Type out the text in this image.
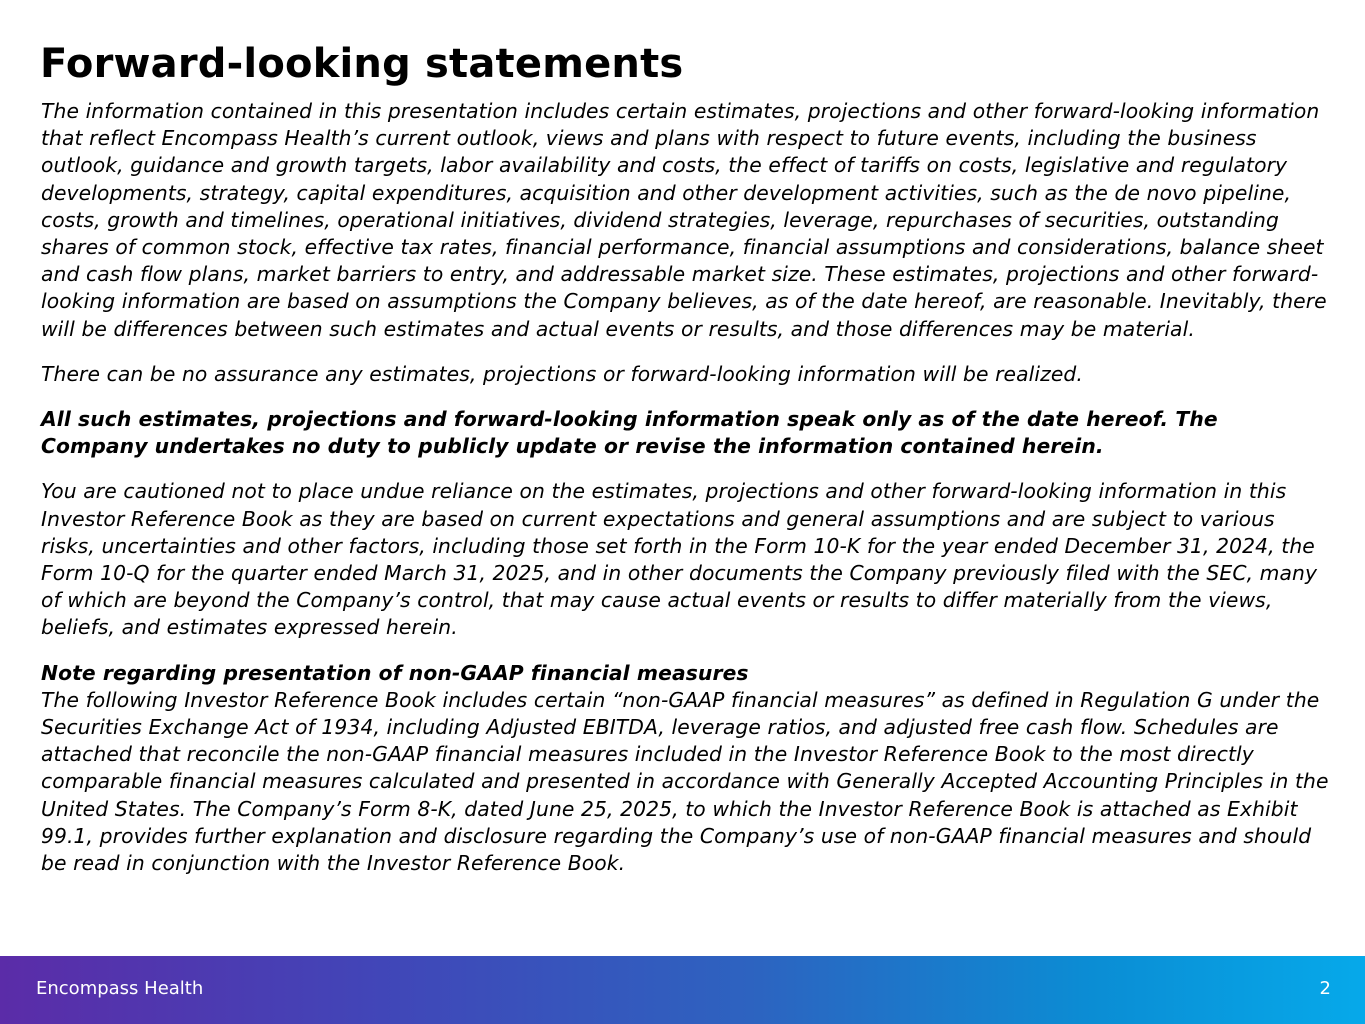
Forward-looking statements

The information contained in this presentation includes certain estimates, projections and other forward-looking information that reflect Encompass Health’s current outlook, views and plans with respect to future events, including the business outlook, guidance and growth targets, labor availability and costs, the effect of tariffs on costs, legislative and regulatory developments, strategy, capital expenditures, acquisition and other development activities, such as the de novo pipeline, costs, growth and timelines, operational initiatives, dividend strategies, leverage, repurchases of securities, outstanding shares of common stock, effective tax rates, financial performance, financial assumptions and considerations, balance sheet and cash flow plans, market barriers to entry, and addressable market size. These estimates, projections and other forward-looking information are based on assumptions the Company believes, as of the date hereof, are reasonable. Inevitably, there will be differences between such estimates and actual events or results, and those differences may be material.

There can be no assurance any estimates, projections or forward-looking information will be realized.

All such estimates, projections and forward-looking information speak only as of the date hereof. The Company undertakes no duty to publicly update or revise the information contained herein.

You are cautioned not to place undue reliance on the estimates, projections and other forward-looking information in this Investor Reference Book as they are based on current expectations and general assumptions and are subject to various risks, uncertainties and other factors, including those set forth in the Form 10-K for the year ended December 31, 2024, the Form 10-Q for the quarter ended March 31, 2025, and in other documents the Company previously filed with the SEC, many of which are beyond the Company’s control, that may cause actual events or results to differ materially from the views, beliefs, and estimates expressed herein.

Note regarding presentation of non-GAAP financial measures

The following Investor Reference Book includes certain “non-GAAP financial measures” as defined in Regulation G under the Securities Exchange Act of 1934, including Adjusted EBITDA, leverage ratios, and adjusted free cash flow. Schedules are attached that reconcile the non-GAAP financial measures included in the Investor Reference Book to the most directly comparable financial measures calculated and presented in accordance with Generally Accepted Accounting Principles in the United States. The Company’s Form 8-K, dated June 25, 2025, to which the Investor Reference Book is attached as Exhibit 99.1, provides further explanation and disclosure regarding the Company’s use of non-GAAP financial measures and should be read in conjunction with the Investor Reference Book.

Encompass Health	2
